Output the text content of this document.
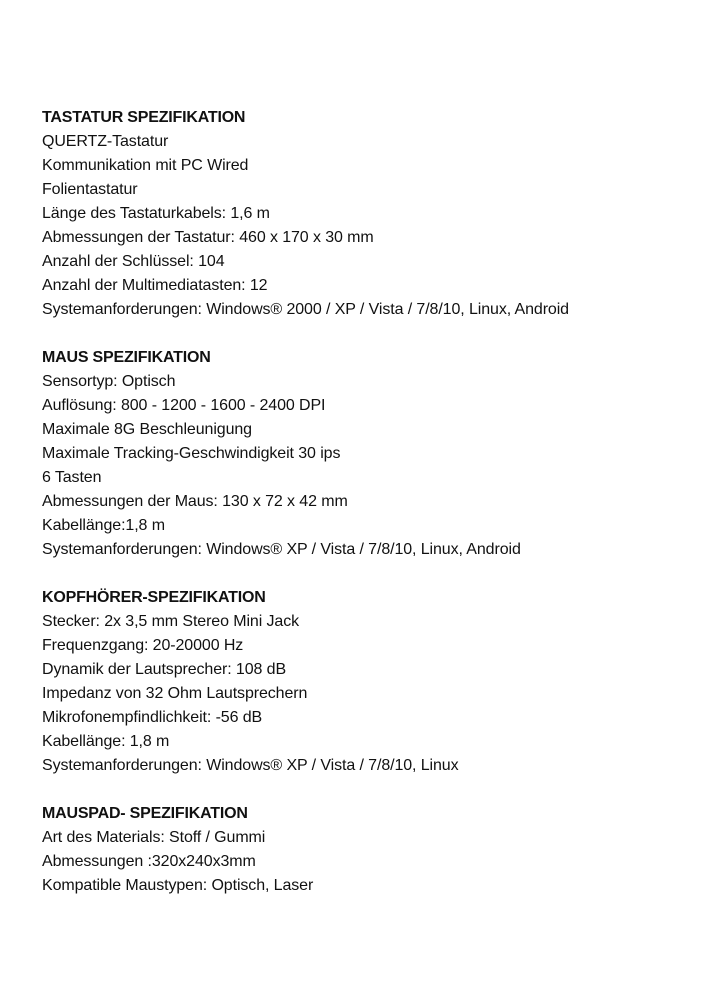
TASTATUR SPEZIFIKATION
QUERTZ-Tastatur
Kommunikation mit PC Wired
Folientastatur
Länge des Tastaturkabels: 1,6 m
Abmessungen der Tastatur: 460 x 170 x 30 mm
Anzahl der Schlüssel: 104
Anzahl der Multimediatasten: 12
Systemanforderungen: Windows® 2000 / XP / Vista / 7/8/10, Linux, Android
MAUS SPEZIFIKATION
Sensortyp: Optisch
Auflösung: 800 - 1200 - 1600 - 2400 DPI
Maximale 8G Beschleunigung
Maximale Tracking-Geschwindigkeit 30 ips
6 Tasten
Abmessungen der Maus: 130 x 72 x 42 mm
Kabellänge:1,8 m
Systemanforderungen: Windows® XP / Vista / 7/8/10, Linux, Android
KOPFHÖRER-SPEZIFIKATION
Stecker: 2x 3,5 mm Stereo Mini Jack
Frequenzgang: 20-20000 Hz
Dynamik der Lautsprecher: 108 dB
Impedanz von 32 Ohm Lautsprechern
Mikrofonempfindlichkeit: -56 dB
Kabellänge: 1,8 m
Systemanforderungen: Windows® XP / Vista / 7/8/10, Linux
MAUSPAD- SPEZIFIKATION
Art des Materials: Stoff / Gummi
Abmessungen :320x240x3mm
Kompatible Maustypen: Optisch, Laser
